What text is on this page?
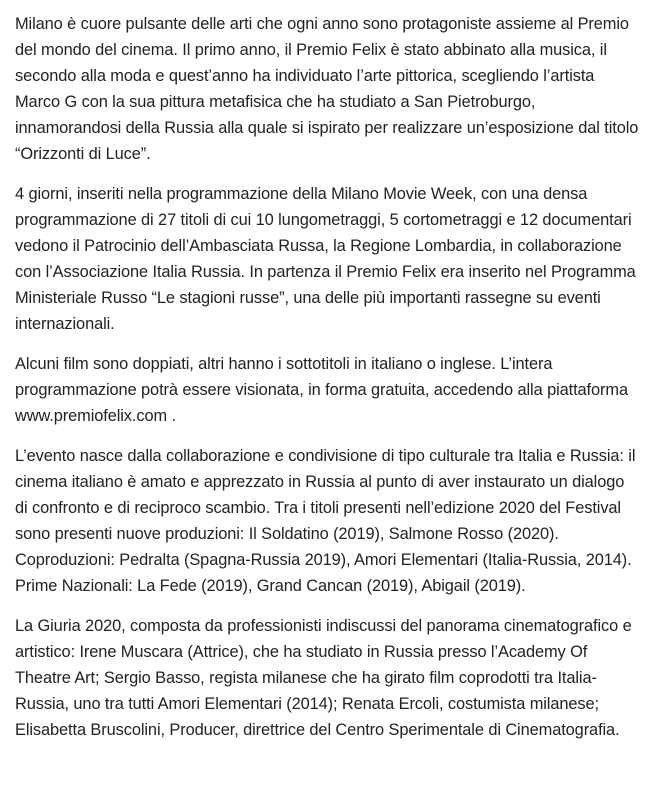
Milano è cuore pulsante delle arti che ogni anno sono protagoniste assieme al Premio del mondo del cinema. Il primo anno, il Premio Felix è stato abbinato alla musica, il secondo alla moda e quest’anno ha individuato l’arte pittorica, scegliendo l’artista Marco G con la sua pittura metafisica che ha studiato a San Pietroburgo, innamorandosi della Russia alla quale si ispirato per realizzare un’esposizione dal titolo “Orizzonti di Luce”.

4 giorni, inseriti nella programmazione della Milano Movie Week, con una densa programmazione di 27 titoli di cui 10 lungometraggi, 5 cortometraggi e 12 documentari vedono il Patrocinio dell’Ambasciata Russa, la Regione Lombardia, in collaborazione con l’Associazione Italia Russia. In partenza il Premio Felix era inserito nel Programma Ministeriale Russo “Le stagioni russe”, una delle più importanti rassegne su eventi internazionali.

Alcuni film sono doppiati, altri hanno i sottotitoli in italiano o inglese. L’intera programmazione potrà essere visionata, in forma gratuita, accedendo alla piattaforma www.premiofelix.com .

L’evento nasce dalla collaborazione e condivisione di tipo culturale tra Italia e Russia: il cinema italiano è amato e apprezzato in Russia al punto di aver instaurato un dialogo di confronto e di reciproco scambio. Tra i titoli presenti nell’edizione 2020 del Festival sono presenti nuove produzioni: Il Soldatino (2019), Salmone Rosso (2020). Coproduzioni: Pedralta (Spagna-Russia 2019), Amori Elementari (Italia-Russia, 2014). Prime Nazionali: La Fede (2019), Grand Cancan (2019), Abigail (2019).

La Giuria 2020, composta da professionisti indiscussi del panorama cinematografico e artistico: Irene Muscara (Attrice), che ha studiato in Russia presso l’Academy Of Theatre Art; Sergio Basso, regista milanese che ha girato film coprodotti tra Italia-Russia, uno tra tutti Amori Elementari (2014); Renata Ercoli, costumista milanese; Elisabetta Bruscolini, Producer, direttrice del Centro Sperimentale di Cinematografia.
